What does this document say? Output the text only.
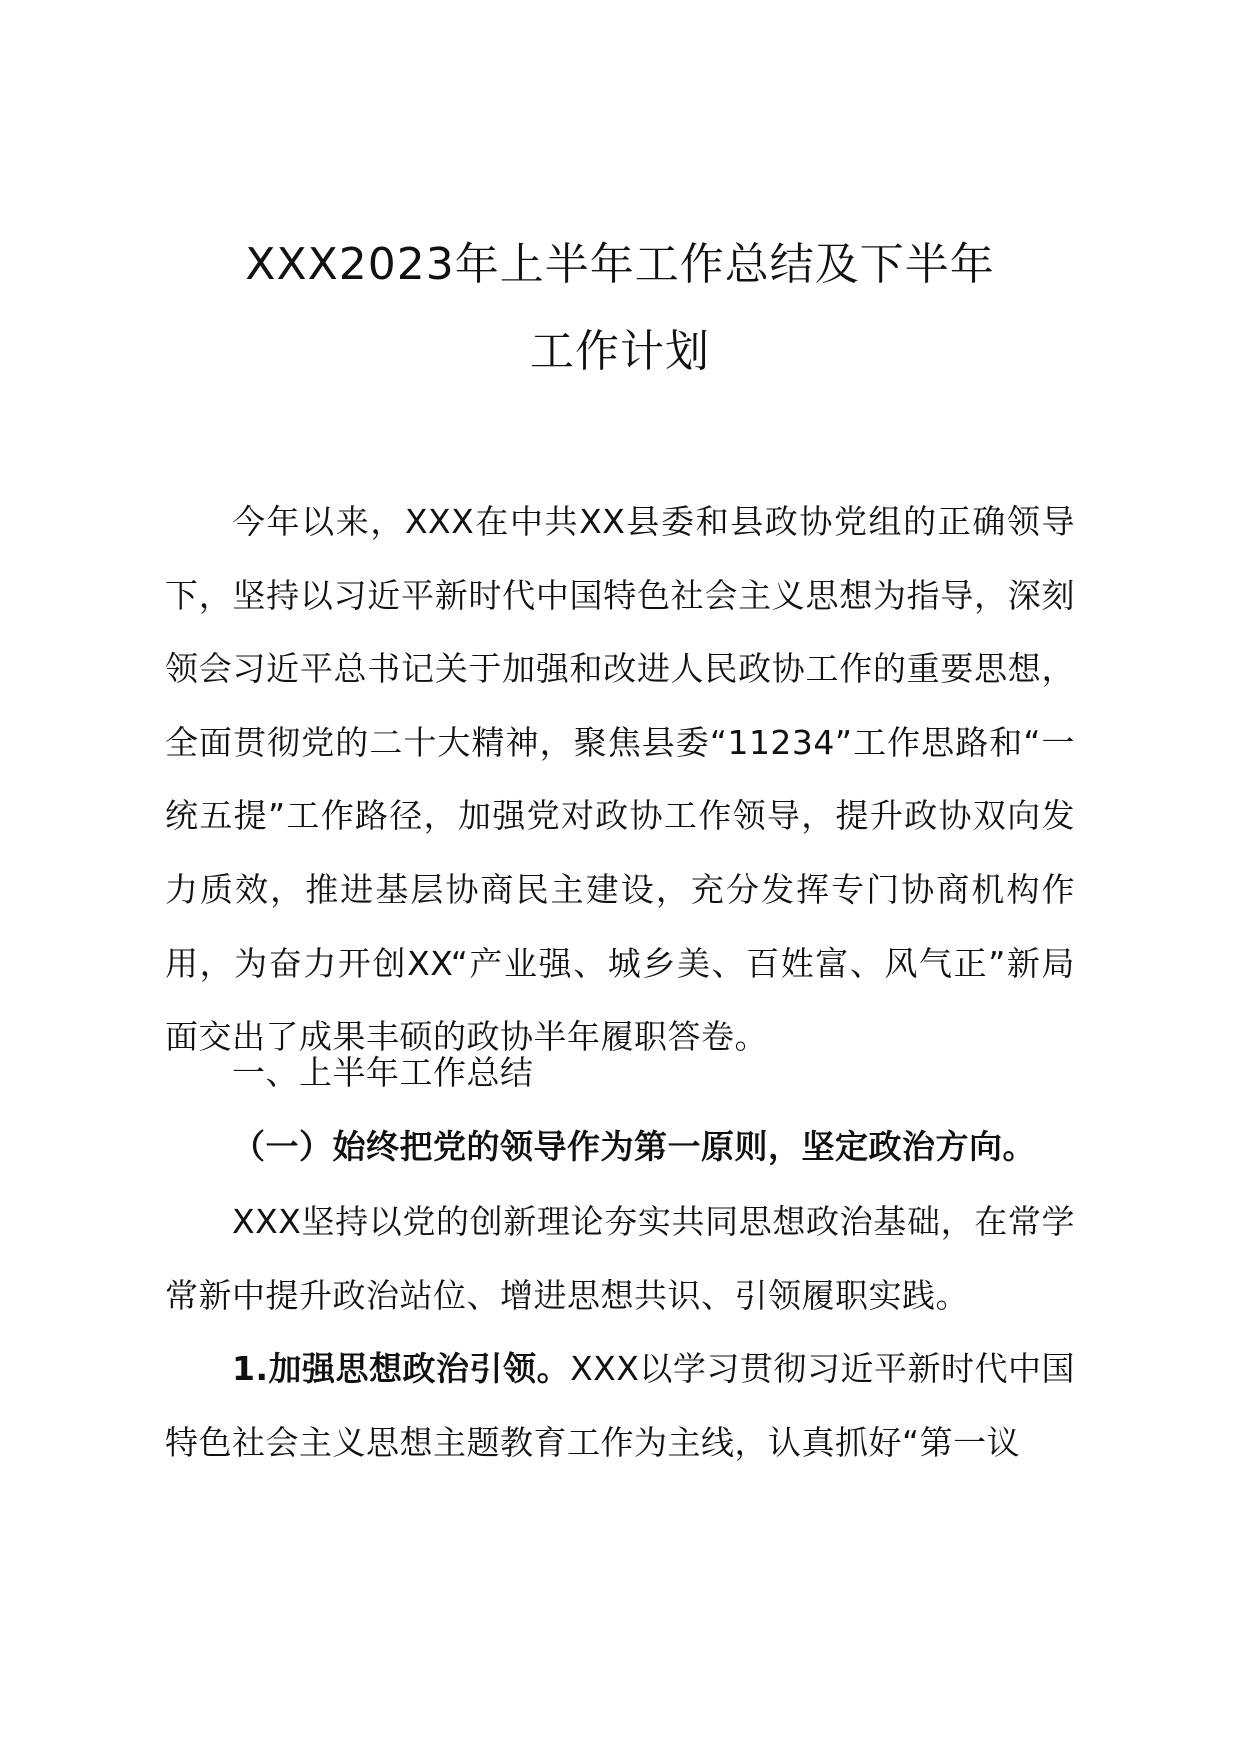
XXX2023年上半年工作总结及下半年
工作计划

今年以来，XXX在中共XX县委和县政协党组的正确领导下，坚持以习近平新时代中国特色社会主义思想为指导，深刻领会习近平总书记关于加强和改进人民政协工作的重要思想，全面贯彻党的二十大精神，聚焦县委“11234”工作思路和“一统五提”工作路径，加强党对政协工作领导，提升政协双向发力质效，推进基层协商民主建设，充分发挥专门协商机构作用，为奋力开创XX“产业强、城乡美、百姓富、风气正”新局面交出了成果丰硕的政协半年履职答卷。

一、上半年工作总结

（一）始终把党的领导作为第一原则，坚定政治方向。

XXX坚持以党的创新理论夯实共同思想政治基础，在常学常新中提升政治站位、增进思想共识、引领履职实践。

1.加强思想政治引领。XXX以学习贯彻习近平新时代中国特色社会主义思想主题教育工作为主线，认真抓好“第一议
